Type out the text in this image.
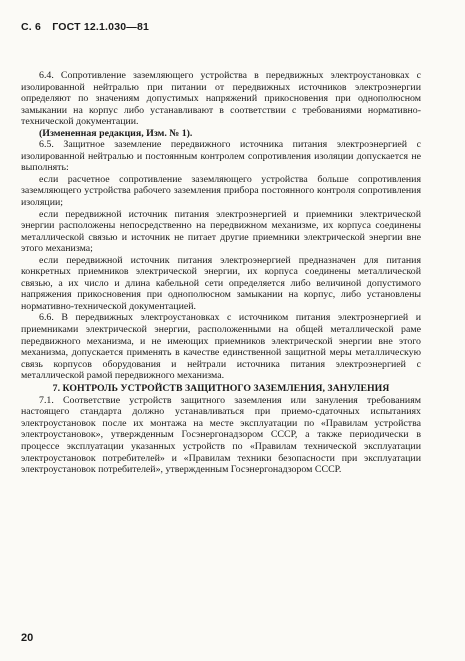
С. 6 ГОСТ 12.1.030—81

6.4. Сопротивление заземляющего устройства в передвижных электроустановках с изолированной нейтралью при питании от передвижных источников электроэнергии определяют по значениям допустимых напряжений прикосновения при однополюсном замыкании на корпус либо устанавливают в соответствии с требованиями нормативно-технической документации.

(Измененная редакция, Изм. № 1).

6.5. Защитное заземление передвижного источника питания электроэнергией с изолированной нейтралью и постоянным контролем сопротивления изоляции допускается не выполнять:

если расчетное сопротивление заземляющего устройства больше сопротивления заземляющего устройства рабочего заземления прибора постоянного контроля сопротивления изоляции;

если передвижной источник питания электроэнергией и приемники электрической энергии расположены непосредственно на передвижном механизме, их корпуса соединены металлической связью и источник не питает другие приемники электрической энергии вне этого механизма;

если передвижной источник питания электроэнергией предназначен для питания конкретных приемников электрической энергии, их корпуса соединены металлической связью, а их число и длина кабельной сети определяется либо величиной допустимого напряжения прикосновения при однополюсном замыкании на корпус, либо установлены нормативно-технической документацией.

6.6. В передвижных электроустановках с источником питания электроэнергией и приемниками электрической энергии, расположенными на общей металлической раме передвижного механизма, и не имеющих приемников электрической энергии вне этого механизма, допускается применять в качестве единственной защитной меры металлическую связь корпусов оборудования и нейтрали источника питания электроэнергией с металлической рамой передвижного механизма.

7. КОНТРОЛЬ УСТРОЙСТВ ЗАЩИТНОГО ЗАЗЕМЛЕНИЯ, ЗАНУЛЕНИЯ

7.1. Соответствие устройств защитного заземления или зануления требованиям настоящего стандарта должно устанавливаться при приемо-сдаточных испытаниях электроустановок после их монтажа на месте эксплуатации по «Правилам устройства электроустановок», утвержденным Госэнергонадзором СССР, а также периодически в процессе эксплуатации указанных устройств по «Правилам технической эксплуатации электроустановок потребителей» и «Правилам техники безопасности при эксплуатации электроустановок потребителей», утвержденным Госэнергонадзором СССР.

20
